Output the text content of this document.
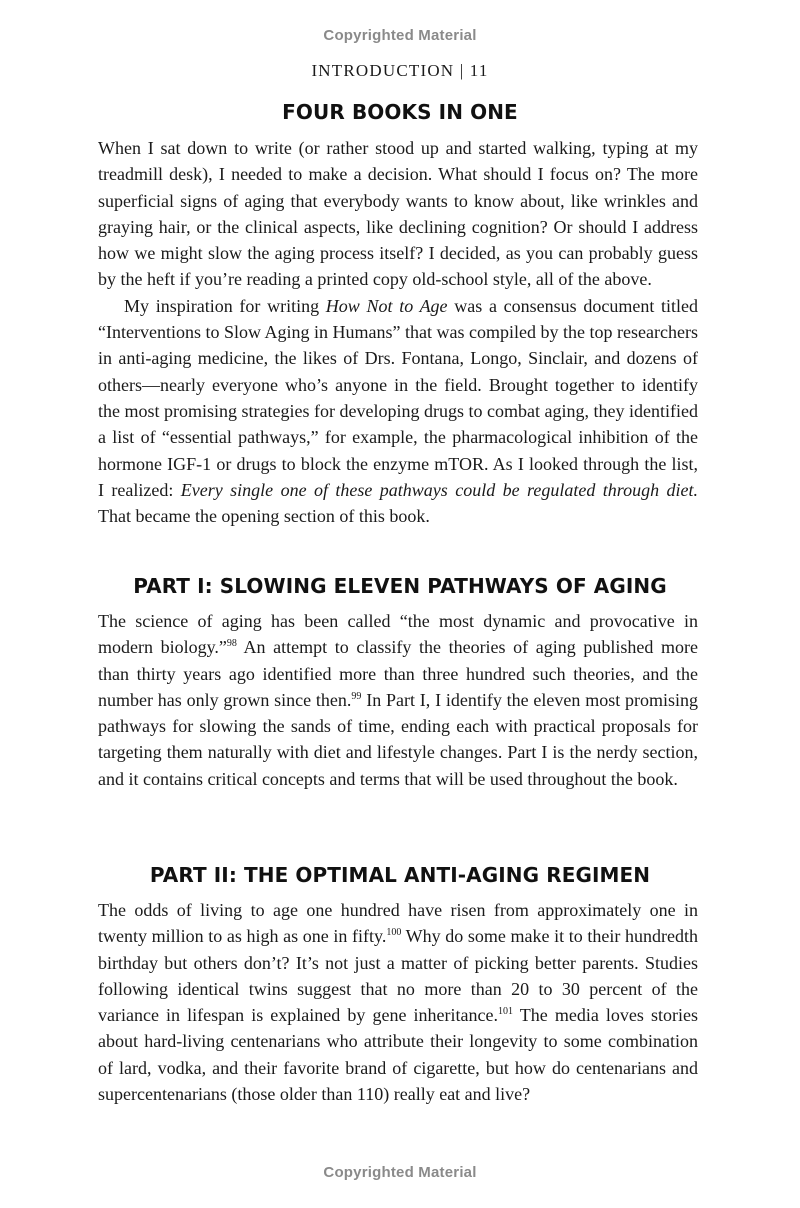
Copyrighted Material
INTRODUCTION | 11
FOUR BOOKS IN ONE

When I sat down to write (or rather stood up and started walking, typing at my treadmill desk), I needed to make a decision. What should I focus on? The more superficial signs of aging that everybody wants to know about, like wrinkles and graying hair, or the clinical aspects, like declining cognition? Or should I address how we might slow the aging process itself? I decided, as you can probably guess by the heft if you’re reading a printed copy old-school style, all of the above.

My inspiration for writing How Not to Age was a consensus document titled “Interventions to Slow Aging in Humans” that was compiled by the top researchers in anti-aging medicine, the likes of Drs. Fontana, Longo, Sinclair, and dozens of others—nearly everyone who’s anyone in the field. Brought together to identify the most promising strategies for developing drugs to combat aging, they identified a list of “essential pathways,” for example, the pharmacological inhibition of the hormone IGF-1 or drugs to block the enzyme mTOR. As I looked through the list, I realized: Every single one of these pathways could be regulated through diet. That became the opening section of this book.

PART I: SLOWING ELEVEN PATHWAYS OF AGING

The science of aging has been called “the most dynamic and provocative in modern biology.”$^{98}$ An attempt to classify the theories of aging published more than thirty years ago identified more than three hundred such theories, and the number has only grown since then.$^{99}$ In Part I, I identify the eleven most promising pathways for slowing the sands of time, ending each with practical proposals for targeting them naturally with diet and lifestyle changes. Part I is the nerdy section, and it contains critical concepts and terms that will be used throughout the book.

PART II: THE OPTIMAL ANTI-AGING REGIMEN

The odds of living to age one hundred have risen from approximately one in twenty million to as high as one in fifty.$^{100}$ Why do some make it to their hundredth birthday but others don’t? It’s not just a matter of picking better parents. Studies following identical twins suggest that no more than 20 to 30 percent of the variance in lifespan is explained by gene inheritance.$^{101}$ The media loves stories about hard-living centenarians who attribute their longevity to some combination of lard, vodka, and their favorite brand of cigarette, but how do centenarians and supercentenarians (those older than 110) really eat and live?

Copyrighted Material
